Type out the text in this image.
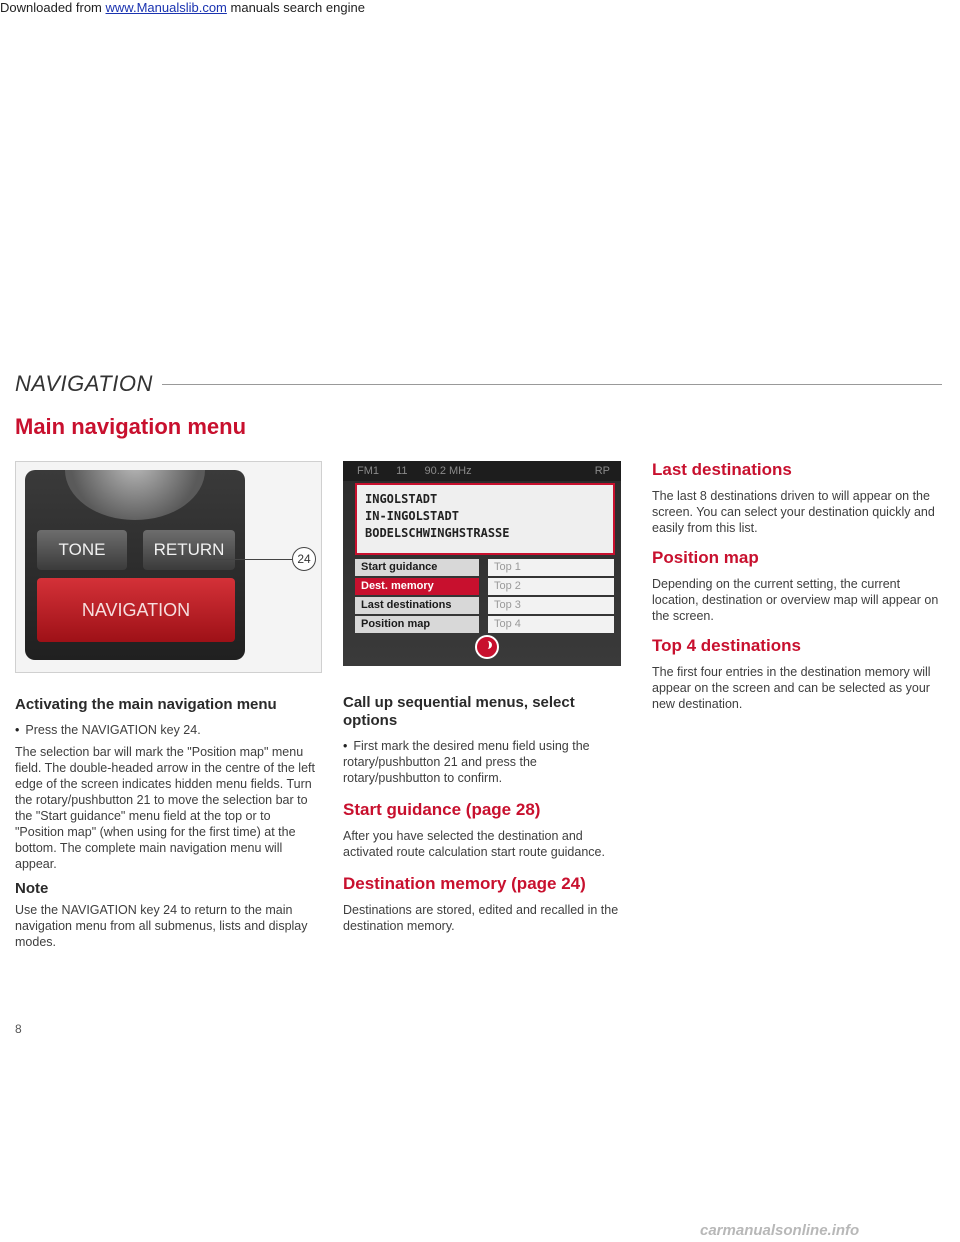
Downloaded from www.Manualslib.com manuals search engine
NAVIGATION
Main navigation menu
TONE	RETURN
NAVIGATION
24
Activating the main navigation menu
• Press the NAVIGATION key 24.
The selection bar will mark the "Position map" menu field. The double-headed arrow in the centre of the left edge of the screen indicates hidden menu fields. Turn the rotary/pushbutton 21 to move the selection bar to the "Start guidance" menu field at the top or to "Position map" (when using for the first time) at the bottom. The complete main navigation menu will appear.
Note
Use the NAVIGATION key 24 to return to the main navigation menu from all submenus, lists and display modes.
FM1 11 90.2 MHz	RP
INGOLSTADT
IN-INGOLSTADT
BODELSCHWINGHSTRASSE
Start guidance
Dest. memory
Last destinations
Position map
Top 1
Top 2
Top 3
Top 4
Call up sequential menus, select options
• First mark the desired menu field using the rotary/pushbutton 21 and press the rotary/pushbutton to confirm.
Start guidance (page 28)
After you have selected the destination and activated route calculation start route guidance.
Destination memory (page 24)
Destinations are stored, edited and recalled in the destination memory.
Last destinations
The last 8 destinations driven to will appear on the screen. You can select your destination quickly and easily from this list.
Position map
Depending on the current setting, the current location, destination or overview map will appear on the screen.
Top 4 destinations
The first four entries in the destination memory will appear on the screen and can be selected as your new destination.
8
carmanualsonline.info
